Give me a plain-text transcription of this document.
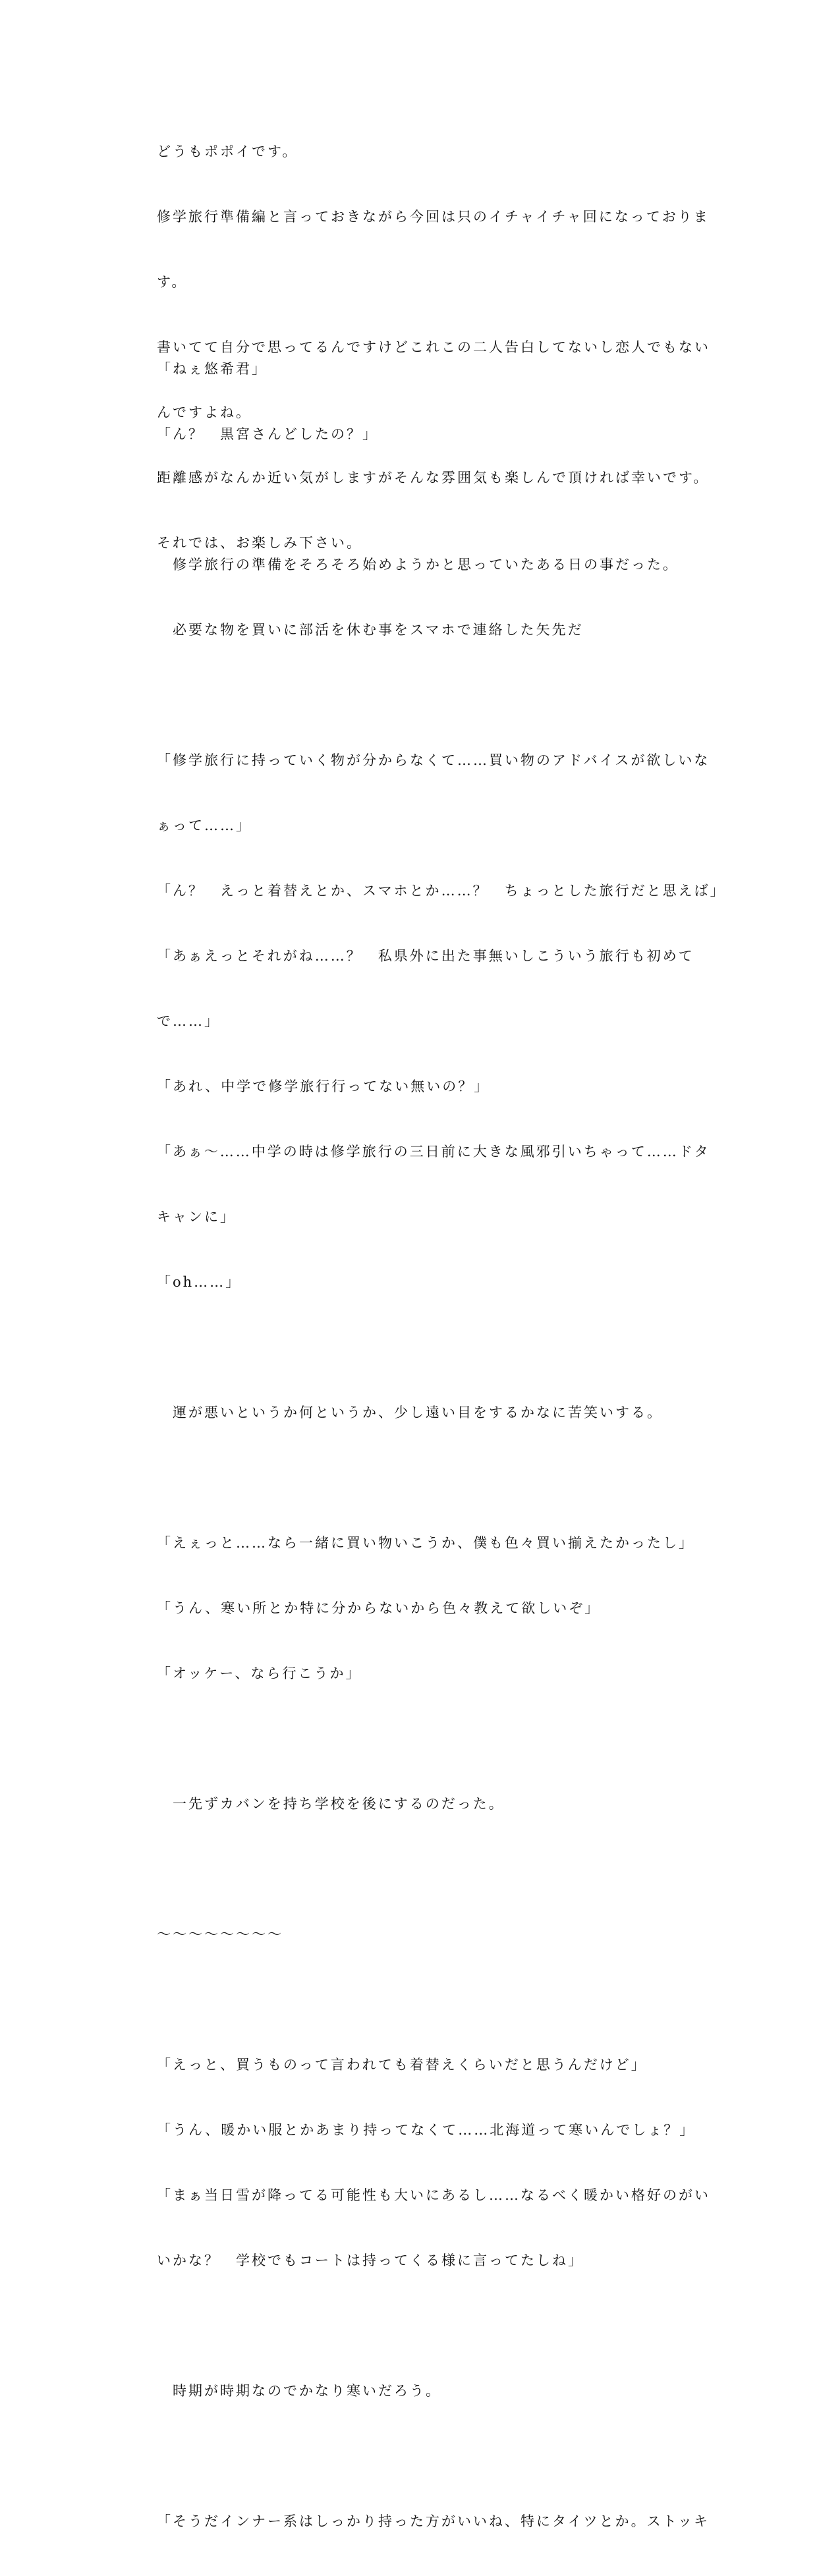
どうもポポイです。

修学旅行準備編と言っておきながら今回は只のイチャイチャ回になっておりま

す。

書いてて自分で思ってるんですけどこれこの二人告白してないし恋人でもない

んですよね。

距離感がなんか近い気がしますがそんな雰囲気も楽しんで頂ければ幸いです。

それでは、お楽しみ下さい。

「ねぇ悠希君」

「ん？　黒宮さんどしたの？」

　修学旅行の準備をそろそろ始めようかと思っていたある日の事だった。

　必要な物を買いに部活を休む事をスマホで連絡した矢先だ

「修学旅行に持っていく物が分からなくて……買い物のアドバイスが欲しいな

ぁって……」

「ん？　えっと着替えとか、スマホとか……？　ちょっとした旅行だと思えば」

「あぁえっとそれがね……？　私県外に出た事無いしこういう旅行も初めて

で……」

「あれ、中学で修学旅行行ってない無いの？」

「あぁ〜……中学の時は修学旅行の三日前に大きな風邪引いちゃって……ドタ

キャンに」

「oh……」

　運が悪いというか何というか、少し遠い目をするかなに苦笑いする。

「えぇっと……なら一緒に買い物いこうか、僕も色々買い揃えたかったし」

「うん、寒い所とか特に分からないから色々教えて欲しいぞ」

「オッケー、なら行こうか」

　一先ずカバンを持ち学校を後にするのだった。

〜〜〜〜〜〜〜〜

「えっと、買うものって言われても着替えくらいだと思うんだけど」

「うん、暖かい服とかあまり持ってなくて……北海道って寒いんでしょ？」

「まぁ当日雪が降ってる可能性も大いにあるし……なるべく暖かい格好のがい

いかな？　学校でもコートは持ってくる様に言ってたしね」

　時期が時期なのでかなり寒いだろう。

「そうだインナー系はしっかり持った方がいいね、特にタイツとか。ストッキ
